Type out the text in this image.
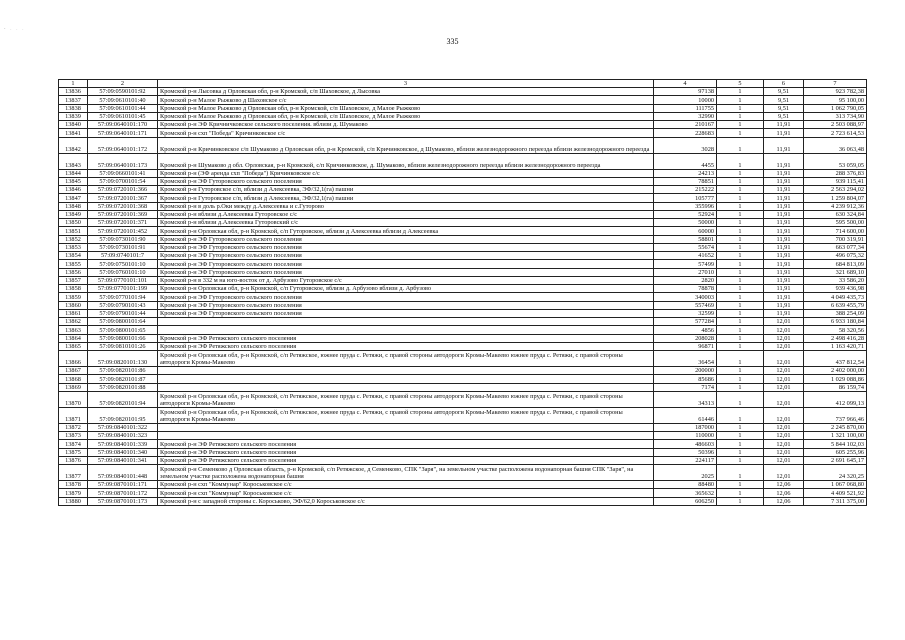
- . . .
335
1	2	3	4	5	6	7
13836	57:09:0590101:92	Кромской р-н Лысовка д Орловская обл, р-н Кромской, с/п Шаховское, д Лысовка	97138	1	9,51	923 782,38
13837	57:09:0610101:40	Кромской р-н Малое Рыжково д Шаховское с/с	10000	1	9,51	95 100,00
13838	57:09:0610101:44	Кромской р-н Малое Рыжково д Орловская обл, р-н Кромской, с/п Шаховское, д Малое Рыжково	111755	1	9,51	1 062 790,05
13839	57:09:0610101:45	Кромской р-н Малое Рыжково д Орловская обл, р-н Кромской, с/п Шаховское, д Малое Рыжково	32990	1	9,51	313 734,90
13840	57:09:0640101:170	Кромской р-н ЭФ Кричничковское сельского поселения. вблизи д. Шумаково	210167	1	11,91	2 503 088,97
13841	57:09:0640101:171	Кромской р-н схп "Победа" Кричинковское с/с	228683	1	11,91	2 723 614,53
13842	57:09:0640101:172	Кромской р-н Кричинковское с/п Шумаково д Орловская обл, р-н Кромской, с/п Кричинковское, д Шумаково, вблизи железнодорожного переезда вблизи железнодорожного переезда	3028	1	11,91	36 063,48
13843	57:09:0640101:173	Кромской р-н Шумаково д обл. Орловская, р-н Кромской, с/п Кричинковское, д. Шумаково, вблизи железнодорожного переезда вблизи железнодорожного переезда	4455	1	11,91	53 059,05
13844	57:09:0660101:41	Кромской р-н (ЭФ аренда схп "Победа") Кричинковское с/с	24213	1	11,91	288 376,83
13845	57:09:0700101:54	Кромской р-н ЭФ Гуторовского сельского поселения	78851	1	11,91	939 115,41
13846	57:09:0720101:366	Кромской р-н Гуторовское с/п, вблизи д Алексеевка, ЭФ/32,1(га) пашни	215222	1	11,91	2 563 294,02
13847	57:09:0720101:367	Кромской р-н Гуторовское с/п, вблизи д Алексеевка, ЭФ/32,1(га) пашни	105777	1	11,91	1 259 804,07
13848	57:09:0720101:368	Кромской р-н в доль р.Оки между д.Алексеевка и с.Гуторово	355996	1	11,91	4 239 912,36
13849	57:09:0720101:369	Кромской р-н вблизи д.Алексеевка Гуторовское с/с	52924	1	11,91	630 324,84
13850	57:09:0720101:371	Кромской р-н вблизи д.Алексеевка Гуторовский с/с	50000	1	11,91	595 500,00
13851	57:09:0720101:452	Кромской р-н Орловская обл, р-н Кромской, с/п Гуторовское, вблизи д Алексеевка вблизи д Алексеевка	60000	1	11,91	714 600,00
13852	57:09:0730101:90	Кромской р-н ЭФ Гуторовского сельского поселения	58801	1	11,91	700 319,91
13853	57:09:0730101:91	Кромской р-н ЭФ Гуторовского сельского поселения	55674	1	11,91	663 077,34
13854	57:09:0740101:7	Кромской р-н ЭФ Гуторовского сельского поселения	41652	1	11,91	496 075,32
13855	57:09:0750101:10	Кромской р-н ЭФ Гуторовского сельского поселения	57499	1	11,91	684 813,09
13856	57:09:0760101:10	Кромской р-н ЭФ Гуторовского сельского поселения	27010	1	11,91	321 689,10
13857	57:09:0770101:101	Кромской р-н в 332 м на юго-восток от д. Арбузово Гуторовское с/с	2820	1	11,91	33 586,20
13858	57:09:0770101:199	Кромской р-н Орловская обл, р-н Кромской, с/п Гуторовское, вблизи д. Арбузово вблизи д. Арбузово	78878	1	11,91	939 436,98
13859	57:09:0770101:94	Кромской р-н ЭФ Гуторовского сельского поселения	340003	1	11,91	4 049 435,73
13860	57:09:0790101:43	Кромской р-н ЭФ Гуторовского сельского поселения	557469	1	11,91	6 639 455,79
13861	57:09:0790101:44	Кромской р-н ЭФ Гуторовского сельского поселения	32599	1	11,91	388 254,09
13862	57:09:0800101:64		577284	1	12,01	6 933 180,84
13863	57:09:0800101:65		4856	1	12,01	58 320,56
13864	57:09:0800101:66	Кромской р-н ЭФ Ретяжского сельского поселения	208028	1	12,01	2 498 416,28
13865	57:09:0810101:26	Кромской р-н ЭФ Ретяжского сельского поселения	96871	1	12,01	1 163 420,71
13866	57:09:0820101:130	Кромской р-н Орловская обл, р-н Кромской, с/п Ретяжское, южнее пруда с. Ретяжи, с правой стороны автодороги Кромы-Макеево южнее пруда с. Ретяжи, с правой стороны автодороги Кромы-Макеево	36454	1	12,01	437 812,54
13867	57:09:0820101:86		200000	1	12,01	2 402 000,00
13868	57:09:0820101:87		85686	1	12,01	1 029 088,86
13869	57:09:0820101:88		7174	1	12,01	86 159,74
13870	57:09:0820101:94	Кромской р-н Орловская обл, р-н Кромской, с/п Ретяжское, южнее пруда с. Ретяжи, с правой стороны автодороги Кромы-Макеево южнее пруда с. Ретяжи, с правой стороны автодороги Кромы-Макеево	34313	1	12,01	412 099,13
13871	57:09:0820101:95	Кромской р-н Орловская обл, р-н Кромской, с/п Ретяжское, южнее пруда с. Ретяжи, с правой стороны автодороги Кромы-Макеево южнее пруда с. Ретяжи, с правой стороны автодороги Кромы-Макеево	61446	1	12,01	737 966,46
13872	57:09:0840101:322		187000	1	12,01	2 245 870,00
13873	57:09:0840101:323		110000	1	12,01	1 321 100,00
13874	57:09:0840101:339	Кромской р-н ЭФ Ретяжского сельского поселения	486603	1	12,01	5 844 102,03
13875	57:09:0840101:340	Кромской р-н ЭФ Ретяжского сельского поселения	50396	1	12,01	605 255,96
13876	57:09:0840101:341	Кромской р-н ЭФ Ретяжского сельского поселения	224117	1	12,01	2 691 645,17
13877	57:09:0840101:448	Кромской р-н Семенково д Орловская область, р-н Кромской, с/п Ретяжское, д Семенково, СПК "Заря", на земельном участке расположена водонапорная башня СПК "Заря", на земельном участке расположена водонапорная башня	2025	1	12,01	24 320,25
13878	57:09:0870101:171	Кромской р-н схп "Коммунар" Короськовское с/с	88480	1	12,06	1 067 068,80
13879	57:09:0870101:172	Кромской р-н схп "Коммунар" Короськовское с/с	365632	1	12,06	4 409 521,92
13880	57:09:0870101:173	Кромской р-н с западной стороны с. Короськово, ЭФ/62,0 Короськовское с/с	606250	1	12,06	7 311 375,00
